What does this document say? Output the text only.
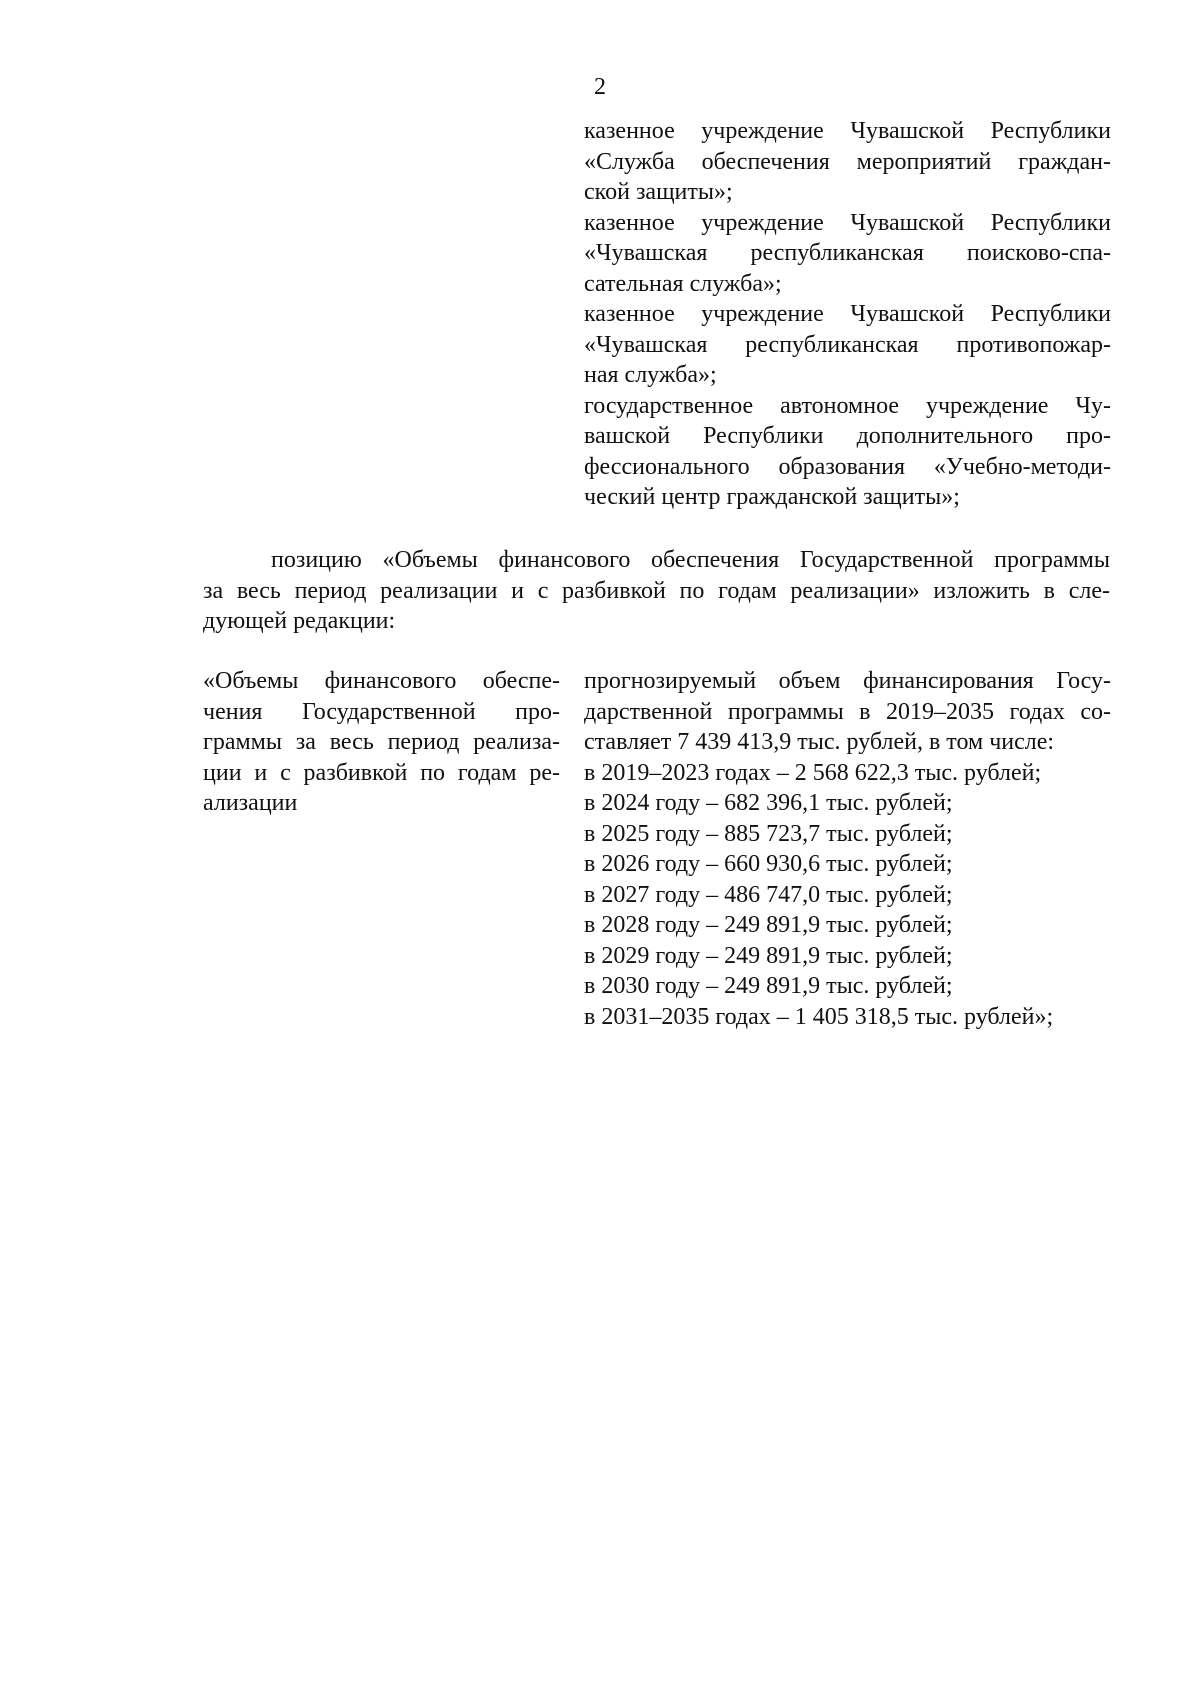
2
казенное учреждение Чувашской Республики
«Служба обеспечения мероприятий граждан-
ской защиты»;
казенное учреждение Чувашской Республики
«Чувашская республиканская поисково-спа-
сательная служба»;
казенное учреждение Чувашской Республики
«Чувашская республиканская противопожар-
ная служба»;
государственное автономное учреждение Чу-
вашской Республики дополнительного про-
фессионального образования «Учебно-методи-
ческий центр гражданской защиты»;
позицию «Объемы финансового обеспечения Государственной программы
за весь период реализации и с разбивкой по годам реализации» изложить в сле-
дующей редакции:
«Объемы финансового обеспе-
чения Государственной про-
граммы за весь период реализа-
ции и с разбивкой по годам ре-
ализации
прогнозируемый объем финансирования Госу-
дарственной программы в 2019–2035 годах со-
ставляет 7 439 413,9 тыс. рублей, в том числе:
в 2019–2023 годах – 2 568 622,3 тыс. рублей;
в 2024 году – 682 396,1 тыс. рублей;
в 2025 году – 885 723,7 тыс. рублей;
в 2026 году – 660 930,6 тыс. рублей;
в 2027 году – 486 747,0 тыс. рублей;
в 2028 году – 249 891,9 тыс. рублей;
в 2029 году – 249 891,9 тыс. рублей;
в 2030 году – 249 891,9 тыс. рублей;
в 2031–2035 годах – 1 405 318,5 тыс. рублей»;
